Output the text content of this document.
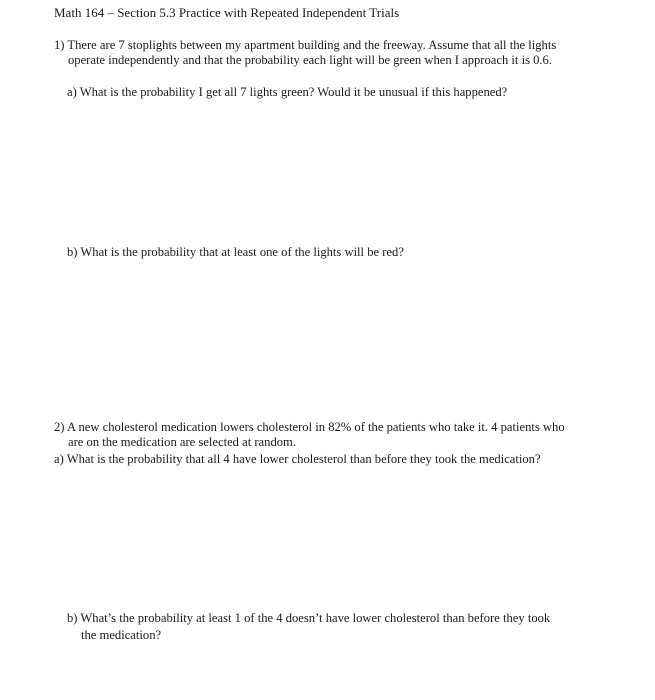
Math 164 – Section 5.3 Practice with Repeated Independent Trials
1) There are 7 stoplights between my apartment building and the freeway. Assume that all the lights
operate independently and that the probability each light will be green when I approach it is 0.6.
a) What is the probability I get all 7 lights green? Would it be unusual if this happened?
b) What is the probability that at least one of the lights will be red?
2) A new cholesterol medication lowers cholesterol in 82% of the patients who take it. 4 patients who
are on the medication are selected at random.
a) What is the probability that all 4 have lower cholesterol than before they took the medication?
b) What’s the probability at least 1 of the 4 doesn’t have lower cholesterol than before they took
the medication?
